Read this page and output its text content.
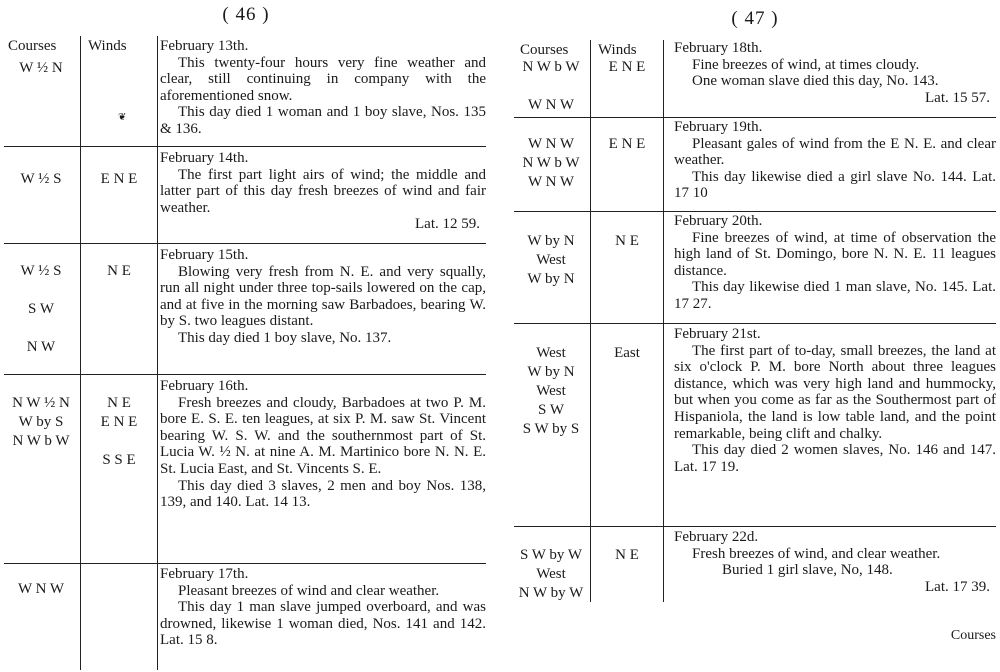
( 46 )
Courses Winds
W ½ N
❦
February 13th.
This twenty-four hours very fine weather and clear, still continuing in company with the aforementioned snow.
This day died 1 woman and 1 boy slave, Nos. 135 & 136.
W ½ S	E N E
February 14th.
The first part light airs of wind; the middle and latter part of this day fresh breezes of wind and fair weather.
Lat. 12 59.
W ½ S

S W

N W
N E
February 15th.
Blowing very fresh from N. E. and very squally, run all night under three top-sails lowered on the cap, and at five in the morning saw Barbadoes, bearing W. by S. two leagues distant.
This day died 1 boy slave, No. 137.
N W ½ N
W by S
N W b W
N E
E N E

S S E
February 16th.
Fresh breezes and cloudy, Barbadoes at two P. M. bore E. S. E. ten leagues, at six P. M. saw St. Vincent bearing W. S. W. and the southernmost part of St. Lucia W. ½ N. at nine A. M. Martinico bore N. N. E. St. Lucia East, and St. Vincents S. E.
This day died 3 slaves, 2 men and boy Nos. 138, 139, and 140. Lat. 14 13.
W N W
February 17th.
Pleasant breezes of wind and clear weather.
This day 1 man slave jumped overboard, and was drowned, likewise 1 woman died, Nos. 141 and 142. Lat. 15 8.
( 47 )
Courses Winds
N W b W

W N W
E N E
February 18th.
Fine breezes of wind, at times cloudy.
One woman slave died this day, No. 143.
Lat. 15 57.
W N W
N W b W
W N W
E N E
February 19th.
Pleasant gales of wind from the E N. E. and clear weather.
This day likewise died a girl slave No. 144. Lat. 17 10
W by N
West
W by N
N E
February 20th.
Fine breezes of wind, at time of observation the high land of St. Domingo, bore N. N. E. 11 leagues distance.
This day likewise died 1 man slave, No. 145. Lat. 17 27.
West
W by N
West
S W
S W by S
East
February 21st.
The first part of to-day, small breezes, the land at six o'clock P. M. bore North about three leagues distance, which was very high land and hummocky, but when you come as far as the Southermost part of Hispaniola, the land is low table land, and the point remarkable, being clift and chalky.
This day died 2 women slaves, No. 146 and 147. Lat. 17 19.
S W by W
West
N W by W
N E
February 22d.
Fresh breezes of wind, and clear weather.
Buried 1 girl slave, No, 148.
Lat. 17 39.
Courses
